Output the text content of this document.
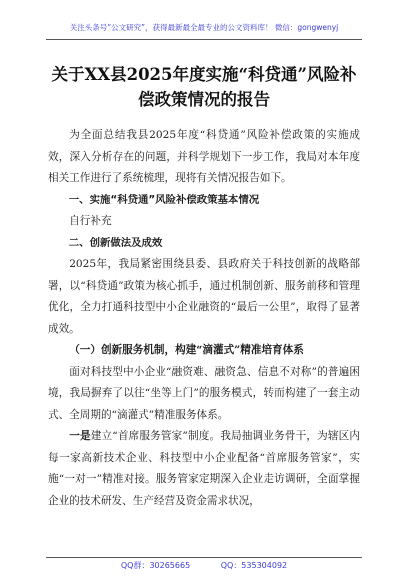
关注头条号“公文研究”，获得最新最全最专业的公文资料库！ 微信：gongwenyj
关于XX县2025年度实施“科贷通”风险补偿政策情况的报告

为全面总结我县2025年度“科贷通”风险补偿政策的实施成效，深入分析存在的问题，并科学规划下一步工作，我局对本年度相关工作进行了系统梳理，现将有关情况报告如下。

一、实施“科贷通”风险补偿政策基本情况

自行补充

二、创新做法及成效

2025年，我局紧密围绕县委、县政府关于科技创新的战略部署，以“科贷通”政策为核心抓手，通过机制创新、服务前移和管理优化，全力打通科技型中小企业融资的“最后一公里”，取得了显著成效。

（一）创新服务机制，构建“滴灌式”精准培育体系

面对科技型中小企业“融资难、融资急、信息不对称”的普遍困境，我局摒弃了以往“坐等上门”的服务模式，转而构建了一套主动式、全周期的“滴灌式”精准服务体系。

一是建立“首席服务管家”制度。我局抽调业务骨干，为辖区内每一家高新技术企业、科技型中小企业配备“首席服务管家”，实施“一对一”精准对接。服务管家定期深入企业走访调研，全面掌握企业的技术研发、生产经营及资金需求状况，

QQ群：30265665	QQ：535304092
